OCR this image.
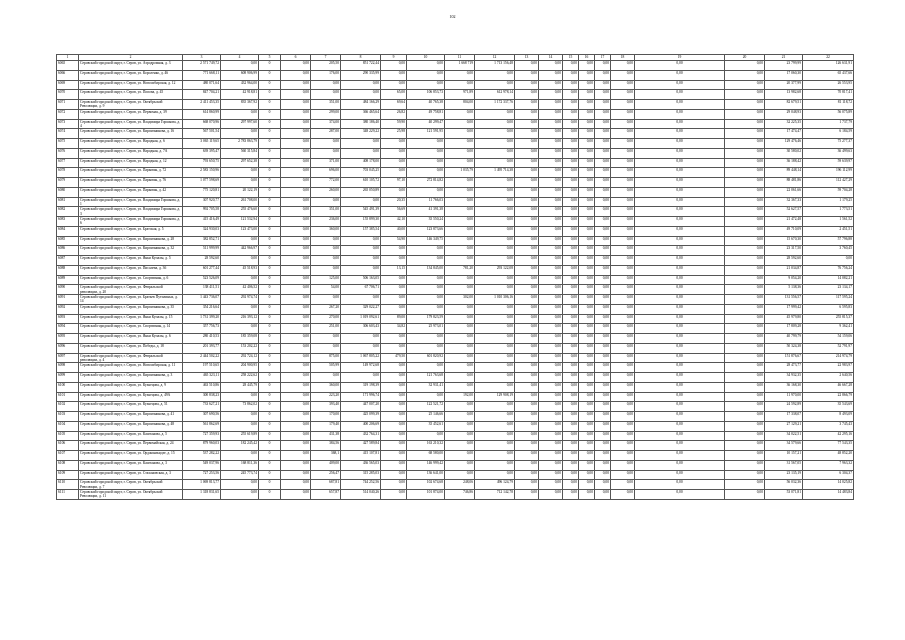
102
1	2	3	4	5	6	7	8	9	10	11	12	13	14	15	16	17	18	19	20	21	22
6065	Серовский городской округ, г. Серов, ул. Аэродромная, д. 3	2 571 749,72	0,00	0	0,00	205,50	851 722,44	0,00	0,00	1 668 719	1 713 156,48	0,00	0,00	0,00	0,00	0,00	0,00	0,00	0,00	23 799,99	126 631,91
6066	Серовский городской округ, г. Серов, ул. Короленко, д. 46	771 668,11	608 906,99	0	0,00	176,00	290 335,99	0,00	0,00	0,00	0,00	0,00	0,00	0,00	0,00	0,00	0,00	0,00	0,00	17 060,30	65 437,66
6069	Серовский городской округ, г. Серов, ул. Новосибирская, д. 12	480 071,64	432 964,00	0	0,00	0,00	0,00	0,00	0,00	0,00	0,00	0,00	0,00	0,00	0,00	0,00	0,00	0,00	0,00	20 377,99	26 553,95
6070	Серовский городской округ, г. Серов, ул. Попова, д. 45	847 704,21	42 918,81	0	0,00	0,00	0,00	65,00	106 853,73	971,89	612 978,14	0,00	0,00	0,00	0,00	0,00	0,00	0,00	0,00	13 982,68	70 817,41
6071	Серовский городской округ, г. Серов, ул. Октябрьской Революции, д. 9	2 411 453,35	835 367,92	0	0,00	351,00	484 166,29	69,64	40 765,38	804,00	1 172 337,76	0,00	0,00	0,00	0,00	0,00	0,00	0,00	0,00	82 679,51	81 118,72
6072	Серовский городской округ, г. Серов, ул. Первомая, д. 39	614 860,99	0,00	0	0,00	299,00	366 465,64	26,82	49 758,81	0,00	0,00	0,00	0,00	0,00	0,00	0,00	0,00	0,00	0,00	29 048,93	56 075,89
6073	Серовский городской округ, г. Серов, ул. Владимира Горшкова, д. 4	668 070,96	297 997,60	0	0,00	374,00	380 186,40	59,90	40 299,47	0,00	0,00	0,00	0,00	0,00	0,00	0,00	0,00	0,00	0,00	32 225,35	1 737,79
6074	Серовский городской округ, г. Серов, ул. Кирпичникова, д. 16	567 501,54	0,00	0	0,00	287,00	348 229,22	25,98	121 591,95	0,00	0,00	0,00	0,00	0,00	0,00	0,00	0,00	0,00	0,00	17 474,47	6 184,59
6075	Серовский городской округ, г. Серов, ул. Народная, д. 6	3 065 119,65	2 783 863,79	0	0,00	0,00	0,00	0,00	0,00	0,00	0,00	0,00	0,00	0,00	0,00	0,00	0,00	0,00	0,00	129 476,46	75 277,37
6076	Серовский городской округ, г. Серов, ул. Народная, д. 7А	639 395,47	560 315,84	0	0,00	0,00	0,00	0,00	0,00	0,00	0,00	0,00	0,00	0,00	0,00	0,00	0,00	0,00	0,00	30 580,02	36 499,63
6077	Серовский городской округ, г. Серов, ул. Народная, д. 12	793 650,75	297 652,38	0	0,00	371,00	408 178,00	0,00	0,00	0,00	0,00	0,00	0,00	0,00	0,00	0,00	0,00	0,00	0,00	36 188,42	59 639,97
6078	Серовский городской округ, г. Серов, ул. Парковая, д. 72	2 583 150,96	0,00	0	0,00	696,00	703 045,25	0,00	0,00	1 035,79	1 495 714,38	0,00	0,00	0,00	0,00	0,00	0,00	0,00	0,00	89 448,14	196 112,99
6079	Серовский городской округ, г. Серов, ул. Парковая, д. 76	1 077 598,69	0,00	0	0,00	772,00	610 105,72	97,10	272 814,82	0,00	0,00	0,00	0,00	0,00	0,00	0,00	0,00	0,00	0,00	88 481,86	112 427,29
6080	Серовский городской округ, г. Серов, ул. Парковая, д. 42	775 120,81	20 122,19	0	0,00	260,00	265 050,89	0,00	0,00	0,00	0,00	0,00	0,00	0,00	0,00	0,00	0,00	0,00	0,00	22 061,66	59 704,28
6081	Серовский городской округ, г. Серов, ул. Владимира Горшкова, д. 1	307 920,77	261 708,00	0	0,00	0,00	0,00	20,35	11 766,03	0,00	0,00	0,00	0,00	0,00	0,00	0,00	0,00	0,00	0,00	32 367,33	1 179,25
6082	Серовский городской округ, г. Серов, ул. Владимира Горшкова, д. 3	992 705,58	255 476,60	0	0,00	351,00	545 491,39	56,69	41 391,38	0,00	0,00	0,00	0,00	0,00	0,00	0,00	0,00	0,00	0,00	52 627,57	1 773,51
6083	Серовский городской округ, г. Серов, ул. Владимира Горшкова, д. 6	415 416,49	121 532,94	0	0,00	236,00	155 899,30	42,10	35 550,24	0,00	0,00	0,00	0,00	0,00	0,00	0,00	0,00	0,00	0,00	21 472,48	1 561,52
6084	Серовский городской округ, г. Серов, ул. Братская, д. 5	324 930,03	123 473,00	0	0,00	360,00	157 385,54	40,00	123 873,66	0,00	0,00	0,00	0,00	0,00	0,00	0,00	0,00	0,00	0,00	49 710,09	2 451,51
6085	Серовский городской округ, г. Серов, ул. Кирпичникова, д. 28	382 852,71	0,00	0	0,00	0,00	0,00	54,90	146 349,75	0,00	0,00	0,00	0,00	0,00	0,00	0,00	0,00	0,00	0,00	15 670,30	57 796,88
6086	Серовский городской округ, г. Серов, ул. Кирпичникова, д. 32	511 999,99	442 966,97	0	0,00	0,00	0,00	0,00	0,00	0,00	0,00	0,00	0,00	0,00	0,00	0,00	0,00	0,00	0,00	23 317,50	3 760,45
6087	Серовский городской округ, г. Серов, ул. Янки Купалы, д. 5	28 592,60	0,00	0	0,00	0,00	0,00	0,00	0,00	0,00	0,00	0,00	0,00	0,00	0,00	0,00	0,00	0,00	0,00	28 592,60	0,00
6088	Серовский городской округ, г. Серов, ул. Писалева, д. 36	601 277,44	45 518,93	0	0,00	0,00	0,00	13,15	134 845,00	781,20	293 122,08	0,00	0,00	0,00	0,00	0,00	0,00	0,00	0,00	21 034,87	76 756,24
6089	Серовский городской округ, г. Серов, ул. Спортивная, д. 6	523 526,09	0,00	0	0,00	125,00	506 163,05	0,00	0,00	0,00	0,00	0,00	0,00	0,00	0,00	0,00	0,00	0,00	0,00	9 054,20	14 082,21
6090	Серовский городской округ, г. Серов, ул. Февральской революции, д. 20	138 411,51	42 406,52	0	0,00	54,00	67 706,71	0,00	0,00	0,00	0,00	0,00	0,00	0,00	0,00	0,00	0,00	0,00	0,00	5 138,36	23 134,17
6091	Серовский городской округ, г. Серов, ул. Братьев Путилиных, д. 14	1 443 736,07	292 974,74	0	0,00	0,00	0,00	0,00	0,00	302,00	1 010 306,16	0,00	0,00	0,00	0,00	0,00	0,00	0,00	0,00	131 556,57	117 595,24
6092	Серовский городской округ, г. Серов, ул. Кирпичникова, д. 35	354 216,64	0,00	0	0,00	267,20	329 022,27	0,00	0,00	0,00	0,00	0,00	0,00	0,00	0,00	0,00	0,00	0,00	0,00	17 999,42	6 595,83
6093	Серовский городской округ, г. Серов, ул. Янки Купалы, д. 15	1 731 399,20	216 393,12	0	0,00	270,00	1 019 092,61	89,00	179 823,59	0,00	0,00	0,00	0,00	0,00	0,00	0,00	0,00	0,00	0,00	45 979,80	255 815,37
6094	Серовский городской округ, г. Серов, ул. Спортивная, д. 14	357 756,73	0,00	0	0,00	251,00	306 603,43	34,82	25 973,01	0,00	0,00	0,00	0,00	0,00	0,00	0,00	0,00	0,00	0,00	17 809,28	9 362,41
6095	Серовский городской округ, г. Серов, ул. Янки Купалы, д. 6	280 410,53	185 359,08	0	0,00	0,00	0,00	0,00	0,00	0,00	0,00	0,00	0,00	0,00	0,00	0,00	0,00	0,00	0,00	40 799,79	54 159,06
6096	Серовский городской округ, г. Серов, ул. Победы, д. 18	201 393,77	153 202,22	0	0,00	0,00	0,00	0,00	0,00	0,00	0,00	0,00	0,00	0,00	0,00	0,00	0,00	0,00	0,00	50 324,38	52 791,97
6097	Серовский городской округ, г. Серов, ул. Февральской революции, д. 4	2 444 502,22	292 724,12	0	0,00	875,00	1 067 805,22	479,50	601 820,92	0,00	0,00	0,00	0,00	0,00	0,00	0,00	0,00	0,00	0,00	151 876,67	214 974,79
6098	Серовский городской округ, г. Серов, ул. Новосибирская, д. 11	197 510,65	204 900,95	0	0,00	505,99	149 972,68	0,00	0,00	0,00	0,00	0,00	0,00	0,00	0,00	0,00	0,00	0,00	0,00	28 473,77	22 983,97
6099	Серовский городской округ, г. Серов, ул. Кирпичникова, д. 3	465 323,11	258 222,62	0	0,00	0,00	0,00	0,00	121 763,68	0,00	0,00	0,00	0,00	0,00	0,00	0,00	0,00	0,00	0,00	34 932,35	2 640,56
6100	Серовский городской округ, г. Серов, ул. Кузнецова, д. 9	463 510,86	28 445,79	0	0,00	360,00	319 198,39	0,00	32 931,41	0,00	0,00	0,00	0,00	0,00	0,00	0,00	0,00	0,00	0,00	36 168,30	46 667,28
6101	Серовский городской округ, г. Серов, ул. Кузнецова, д. 49А	300 838,23	0,00	0	0,00	223,20	171 996,74	0,00	0,00	192,00	129 908,19	0,00	0,00	0,00	0,00	0,00	0,00	0,00	0,00	11 970,00	22 866,79
6102	Серовский городской округ, г. Серов, ул. Кузнецова, д. 51	733 627,21	73 862,02	0	0,00	393,40	447 007,20	0,00	122 521,72	0,00	0,00	0,00	0,00	0,00	0,00	0,00	0,00	0,00	0,00	24 592,89	35 543,69
6103	Серовский городской округ, г. Серов, ул. Кирпичникова, д. 41	307 690,56	0,00	0	0,00	170,00	425 099,39	0,00	25 146,66	0,00	0,00	0,00	0,00	0,00	0,00	0,00	0,00	0,00	0,00	17 338,07	8 493,09
6104	Серовский городской округ, г. Серов, ул. Кирпичникова, д. 48	561 862,69	0,00	0	0,00	179,40	400 206,69	0,00	35 452,61	0,00	0,00	0,00	0,00	0,00	0,00	0,00	0,00	0,00	0,00	27 129,21	3 745,43
6105	Серовский городской округ, г. Серов, ул. Каштанова, д. 5	727 359,93	255 619,89	0	0,00	431,38	432 764,31	0,00	0,00	0,00	0,00	0,00	0,00	0,00	0,00	0,00	0,00	0,00	0,00	34 022,51	42 295,16
6106	Серовский городской округ, г. Серов, ул. Первомайская, д. 24	879 960,03	182 245,42	0	0,00	384,56	427 589,84	0,00	163 210,32	0,00	0,00	0,00	0,00	0,00	0,00	0,00	0,00	0,00	0,00	34 579,66	77 543,35
6107	Серовский городской округ, г. Серов, ул. Орджоникидзе, д. 15	537 282,22	0,00	0	0,00	368,1	415 107,81	0,00	68 580,00	0,00	0,00	0,00	0,00	0,00	0,00	0,00	0,00	0,00	0,00	10 157,21	48 852,20
6108	Серовский городской округ, г. Серов, ул. Каштанова, д. 3	549 037,96	168 811,36	0	0,00	409,00	436 565,03	0,00	146 999,42	0,00	0,00	0,00	0,00	0,00	0,00	0,00	0,00	0,00	0,00	31 567,05	7 963,32
6109	Серовский городской округ, г. Серов, ул. Стахановская, д. 3	727 253,56	245 773,74	0	0,00	256,47	315 285,03	0,00	136 641,00	0,00	0,00	0,00	0,00	0,00	0,00	0,00	0,00	0,00	0,00	23 135,19	6 304,37
6110	Серовский городской округ, г. Серов, ул. Октябрьской Революции, д. 7	1 069 813,77	0,00	0	0,00	687,81	744 252,56	0,00	102 674,68	248,06	496 124,79	0,00	0,00	0,00	0,00	0,00	0,00	0,00	0,00	56 032,36	14 025,82
6111	Серовский городской округ, г. Серов, ул. Октябрьской Революции, д. 11	1 318 831,65	0,00	0	0,00	657,87	514 040,26	0,00	101 874,00	746,86	712 142,78	0,00	0,00	0,00	0,00	0,00	0,00	0,00	0,00	53 071,81	14 483,84
